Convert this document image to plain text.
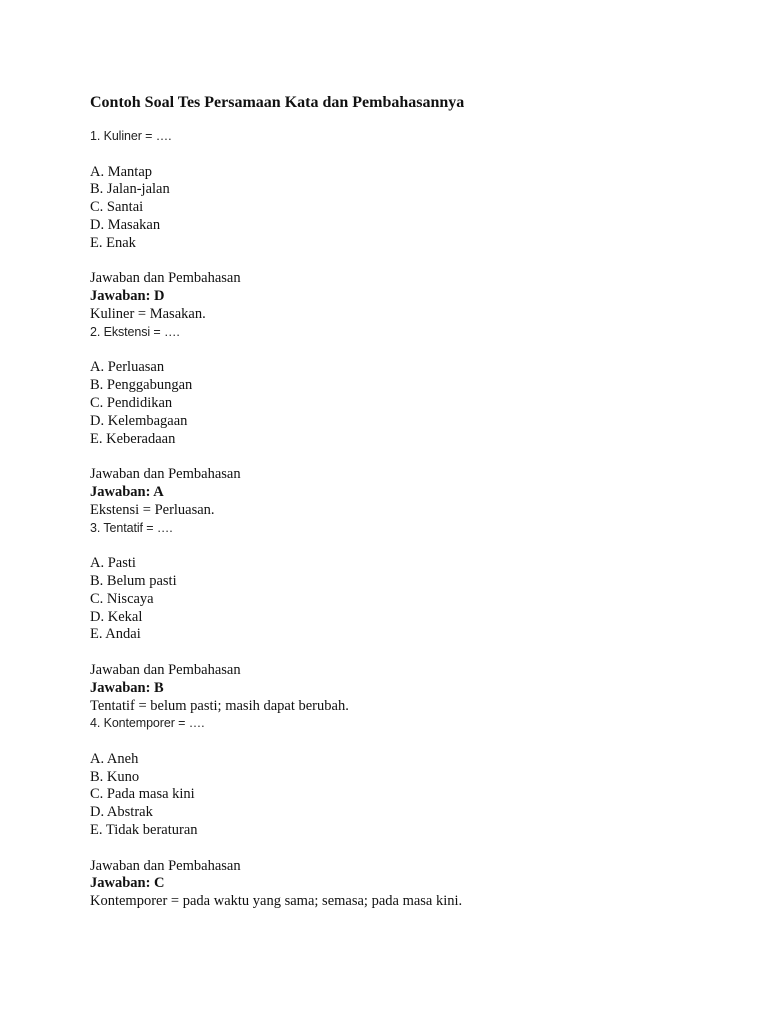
Contoh Soal Tes Persamaan Kata dan Pembahasannya
1. Kuliner = ….
A. Mantap
B. Jalan-jalan
C. Santai
D. Masakan
E. Enak
Jawaban dan Pembahasan
Jawaban: D
Kuliner = Masakan.
2. Ekstensi = ….
A. Perluasan
B. Penggabungan
C. Pendidikan
D. Kelembagaan
E. Keberadaan
Jawaban dan Pembahasan
Jawaban: A
Ekstensi = Perluasan.
3. Tentatif = ….
A. Pasti
B. Belum pasti
C. Niscaya
D. Kekal
E. Andai
Jawaban dan Pembahasan
Jawaban: B
Tentatif = belum pasti; masih dapat berubah.
4. Kontemporer = ….
A. Aneh
B. Kuno
C. Pada masa kini
D. Abstrak
E. Tidak beraturan
Jawaban dan Pembahasan
Jawaban: C
Kontemporer = pada waktu yang sama; semasa; pada masa kini.
